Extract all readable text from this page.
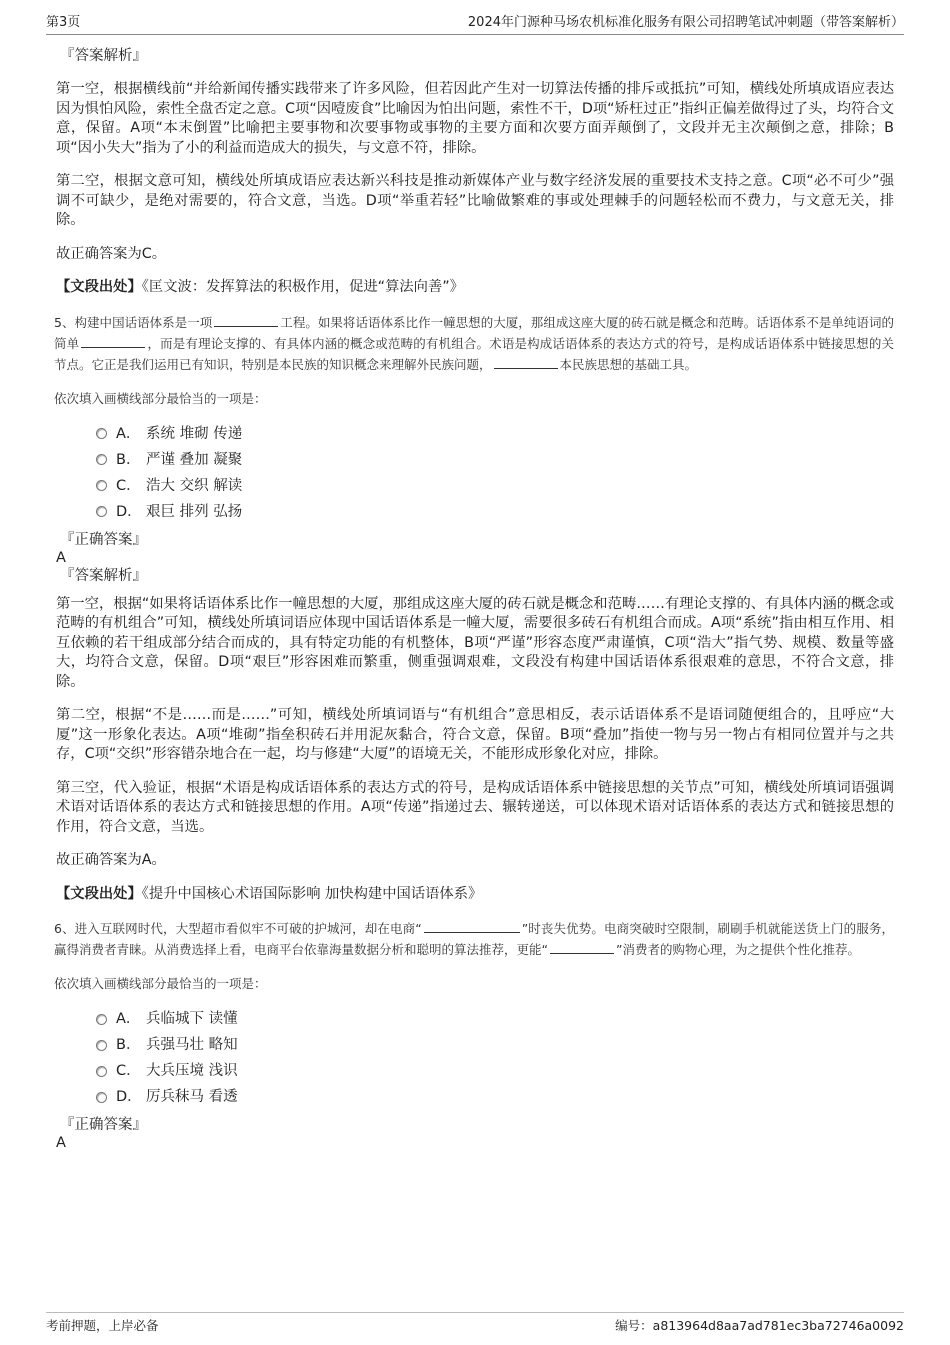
第3页	2024年门源种马场农机标准化服务有限公司招聘笔试冲刺题（带答案解析）
『答案解析』

第一空，根据横线前“并给新闻传播实践带来了许多风险，但若因此产生对一切算法传播的排斥或抵抗”可知，横线处所填成语应表达因为惧怕风险，索性全盘否定之意。C项“因噎废食”比喻因为怕出问题，索性不干，D项“矫枉过正”指纠正偏差做得过了头，均符合文意，保留。A项“本末倒置”比喻把主要事物和次要事物或事物的主要方面和次要方面弄颠倒了，文段并无主次颠倒之意，排除；B项“因小失大”指为了小的利益而造成大的损失，与文意不符，排除。

第二空，根据文意可知，横线处所填成语应表达新兴科技是推动新媒体产业与数字经济发展的重要技术支持之意。C项“必不可少”强调不可缺少，是绝对需要的，符合文意，当选。D项“举重若轻”比喻做繁难的事或处理棘手的问题轻松而不费力，与文意无关，排除。

故正确答案为C。

【文段出处】《匡文波：发挥算法的积极作用，促进“算法向善”》

5、构建中国话语体系是一项	工程。如果将话语体系比作一幢思想的大厦，那组成这座大厦的砖石就是概念和范畴。话语体系不是单纯语词的简单	，而是有理论支撑的、有具体内涵的概念或范畴的有机组合。术语是构成话语体系的表达方式的符号，是构成话语体系中链接思想的关节点。它正是我们运用已有知识，特别是本民族的知识概念来理解外民族问题，	本民族思想的基础工具。

依次填入画横线部分最恰当的一项是：

A． 系统 堆砌 传递
B． 严谨 叠加 凝聚
C． 浩大 交织 解读
D． 艰巨 排列 弘扬
『正确答案』
A
『答案解析』

第一空，根据“如果将话语体系比作一幢思想的大厦，那组成这座大厦的砖石就是概念和范畴……有理论支撑的、有具体内涵的概念或范畴的有机组合”可知，横线处所填词语应体现中国话语体系是一幢大厦，需要很多砖石有机组合而成。A项“系统”指由相互作用、相互依赖的若干组成部分结合而成的，具有特定功能的有机整体，B项“严谨”形容态度严肃谨慎，C项“浩大”指气势、规模、数量等盛大，均符合文意，保留。D项“艰巨”形容困难而繁重，侧重强调艰难，文段没有构建中国话语体系很艰难的意思，不符合文意，排除。

第二空，根据“不是……而是……”可知，横线处所填词语与“有机组合”意思相反，表示话语体系不是语词随便组合的，且呼应“大厦”这一形象化表达。A项“堆砌”指垒积砖石并用泥灰黏合，符合文意，保留。B项“叠加”指使一物与另一物占有相同位置并与之共存，C项“交织”形容错杂地合在一起，均与修建“大厦”的语境无关，不能形成形象化对应，排除。

第三空，代入验证，根据“术语是构成话语体系的表达方式的符号，是构成话语体系中链接思想的关节点”可知，横线处所填词语强调术语对话语体系的表达方式和链接思想的作用。A项“传递”指递过去、辗转递送，可以体现术语对话语体系的表达方式和链接思想的作用，符合文意，当选。

故正确答案为A。

【文段出处】《提升中国核心术语国际影响 加快构建中国话语体系》

6、进入互联网时代，大型超市看似牢不可破的护城河，却在电商“	”时丧失优势。电商突破时空限制，刷刷手机就能送货上门的服务，赢得消费者青睐。从消费选择上看，电商平台依靠海量数据分析和聪明的算法推荐，更能“	”消费者的购物心理，为之提供个性化推荐。

依次填入画横线部分最恰当的一项是：

A． 兵临城下 读懂
B． 兵强马壮 略知
C． 大兵压境 浅识
D． 厉兵秣马 看透
『正确答案』
A
考前押题，上岸必备	编号：a813964d8aa7ad781ec3ba72746a0092
